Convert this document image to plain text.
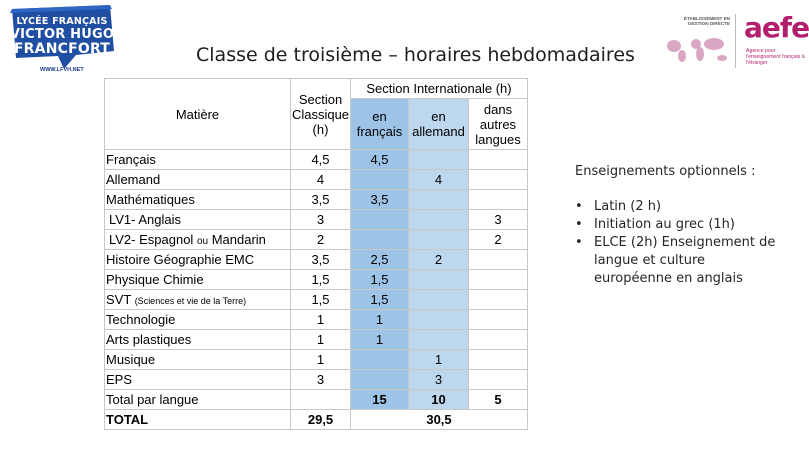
LYCÉE FRANÇAIS
VICTOR HUGO
FRANCFORT
WWW.LFVH.NET
ÉTABLISSEMENT EN GESTION DIRECTE aefe
Agence pour l'enseignement français à l'étranger
Classe de troisième – horaires hebdomadaires
Matière	Section Classique (h)	Section Internationale (h)		
		en français	en allemand	dans autres langues
Français	4,5	4,5		
Allemand	4		4	
Mathématiques	3,5	3,5		
LV1- Anglais	3			3
LV2- Espagnol ou Mandarin	2			2
Histoire Géographie EMC	3,5	2,5	2	
Physique Chimie	1,5	1,5		
SVT (Sciences et vie de la Terre)	1,5	1,5		
Technologie	1	1		
Arts plastiques	1	1		
Musique	1		1	
EPS	3		3	
Total par langue		15	10	5
TOTAL	29,5	30,5		
Enseignements optionnels :
• Latin (2 h)
• Initiation au grec (1h)
• ELCE (2h) Enseignement de langue et culture européenne en anglais
